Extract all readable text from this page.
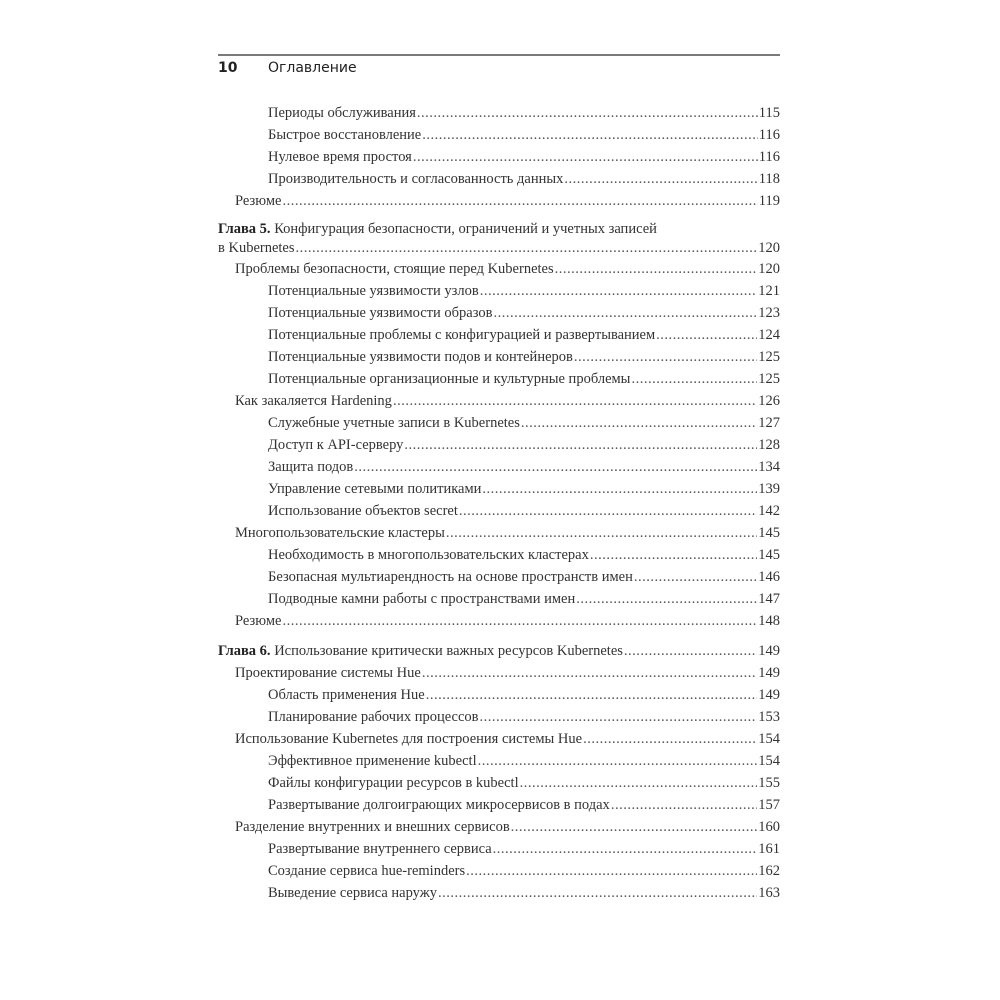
10 Оглавление
Периоды обслуживания .....	115
Быстрое восстановление .....	116
Нулевое время простоя .....	116
Производительность и согласованность данных .....	118
Резюме .....	119
Глава 5. Конфигурация безопасности, ограничений и учетных записей
в Kubernetes .....	120
Проблемы безопасности, стоящие перед Kubernetes .....	120
Потенциальные уязвимости узлов .....	121
Потенциальные уязвимости образов .....	123
Потенциальные проблемы с конфигурацией и развертыванием .....	124
Потенциальные уязвимости подов и контейнеров .....	125
Потенциальные организационные и культурные проблемы .....	125
Как закаляется Hardening .....	126
Служебные учетные записи в Kubernetes .....	127
Доступ к API-серверу .....	128
Защита подов .....	134
Управление сетевыми политиками .....	139
Использование объектов secret .....	142
Многопользовательские кластеры .....	145
Необходимость в многопользовательских кластерах .....	145
Безопасная мультиарендность на основе пространств имен .....	146
Подводные камни работы с пространствами имен .....	147
Резюме .....	148
Глава 6. Использование критически важных ресурсов Kubernetes .....	149
Проектирование системы Hue .....	149
Область применения Hue .....	149
Планирование рабочих процессов .....	153
Использование Kubernetes для построения системы Hue .....	154
Эффективное применение kubectl .....	154
Файлы конфигурации ресурсов в kubectl .....	155
Развертывание долгоиграющих микросервисов в подах .....	157
Разделение внутренних и внешних сервисов .....	160
Развертывание внутреннего сервиса .....	161
Создание сервиса hue-reminders .....	162
Выведение сервиса наружу .....	163
